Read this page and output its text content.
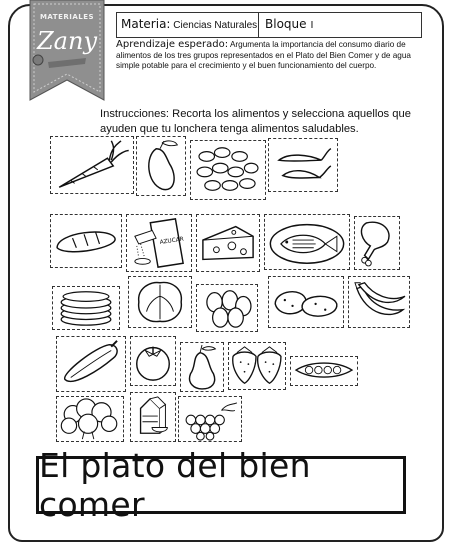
MATERIALES
Zany
Materia: Ciencias Naturales Bloque I
Aprendizaje esperado: Argumenta la importancia del consumo diario de alimentos de los tres grupos representados en el Plato del Bien Comer y de agua simple potable para el crecimiento y el buen funcionamiento del cuerpo.
Instrucciones: Recorta los alimentos y selecciona aquellos que ayuden que tu lonchera tenga alimentos saludables.
AZUCAR
El plato del bien comer
